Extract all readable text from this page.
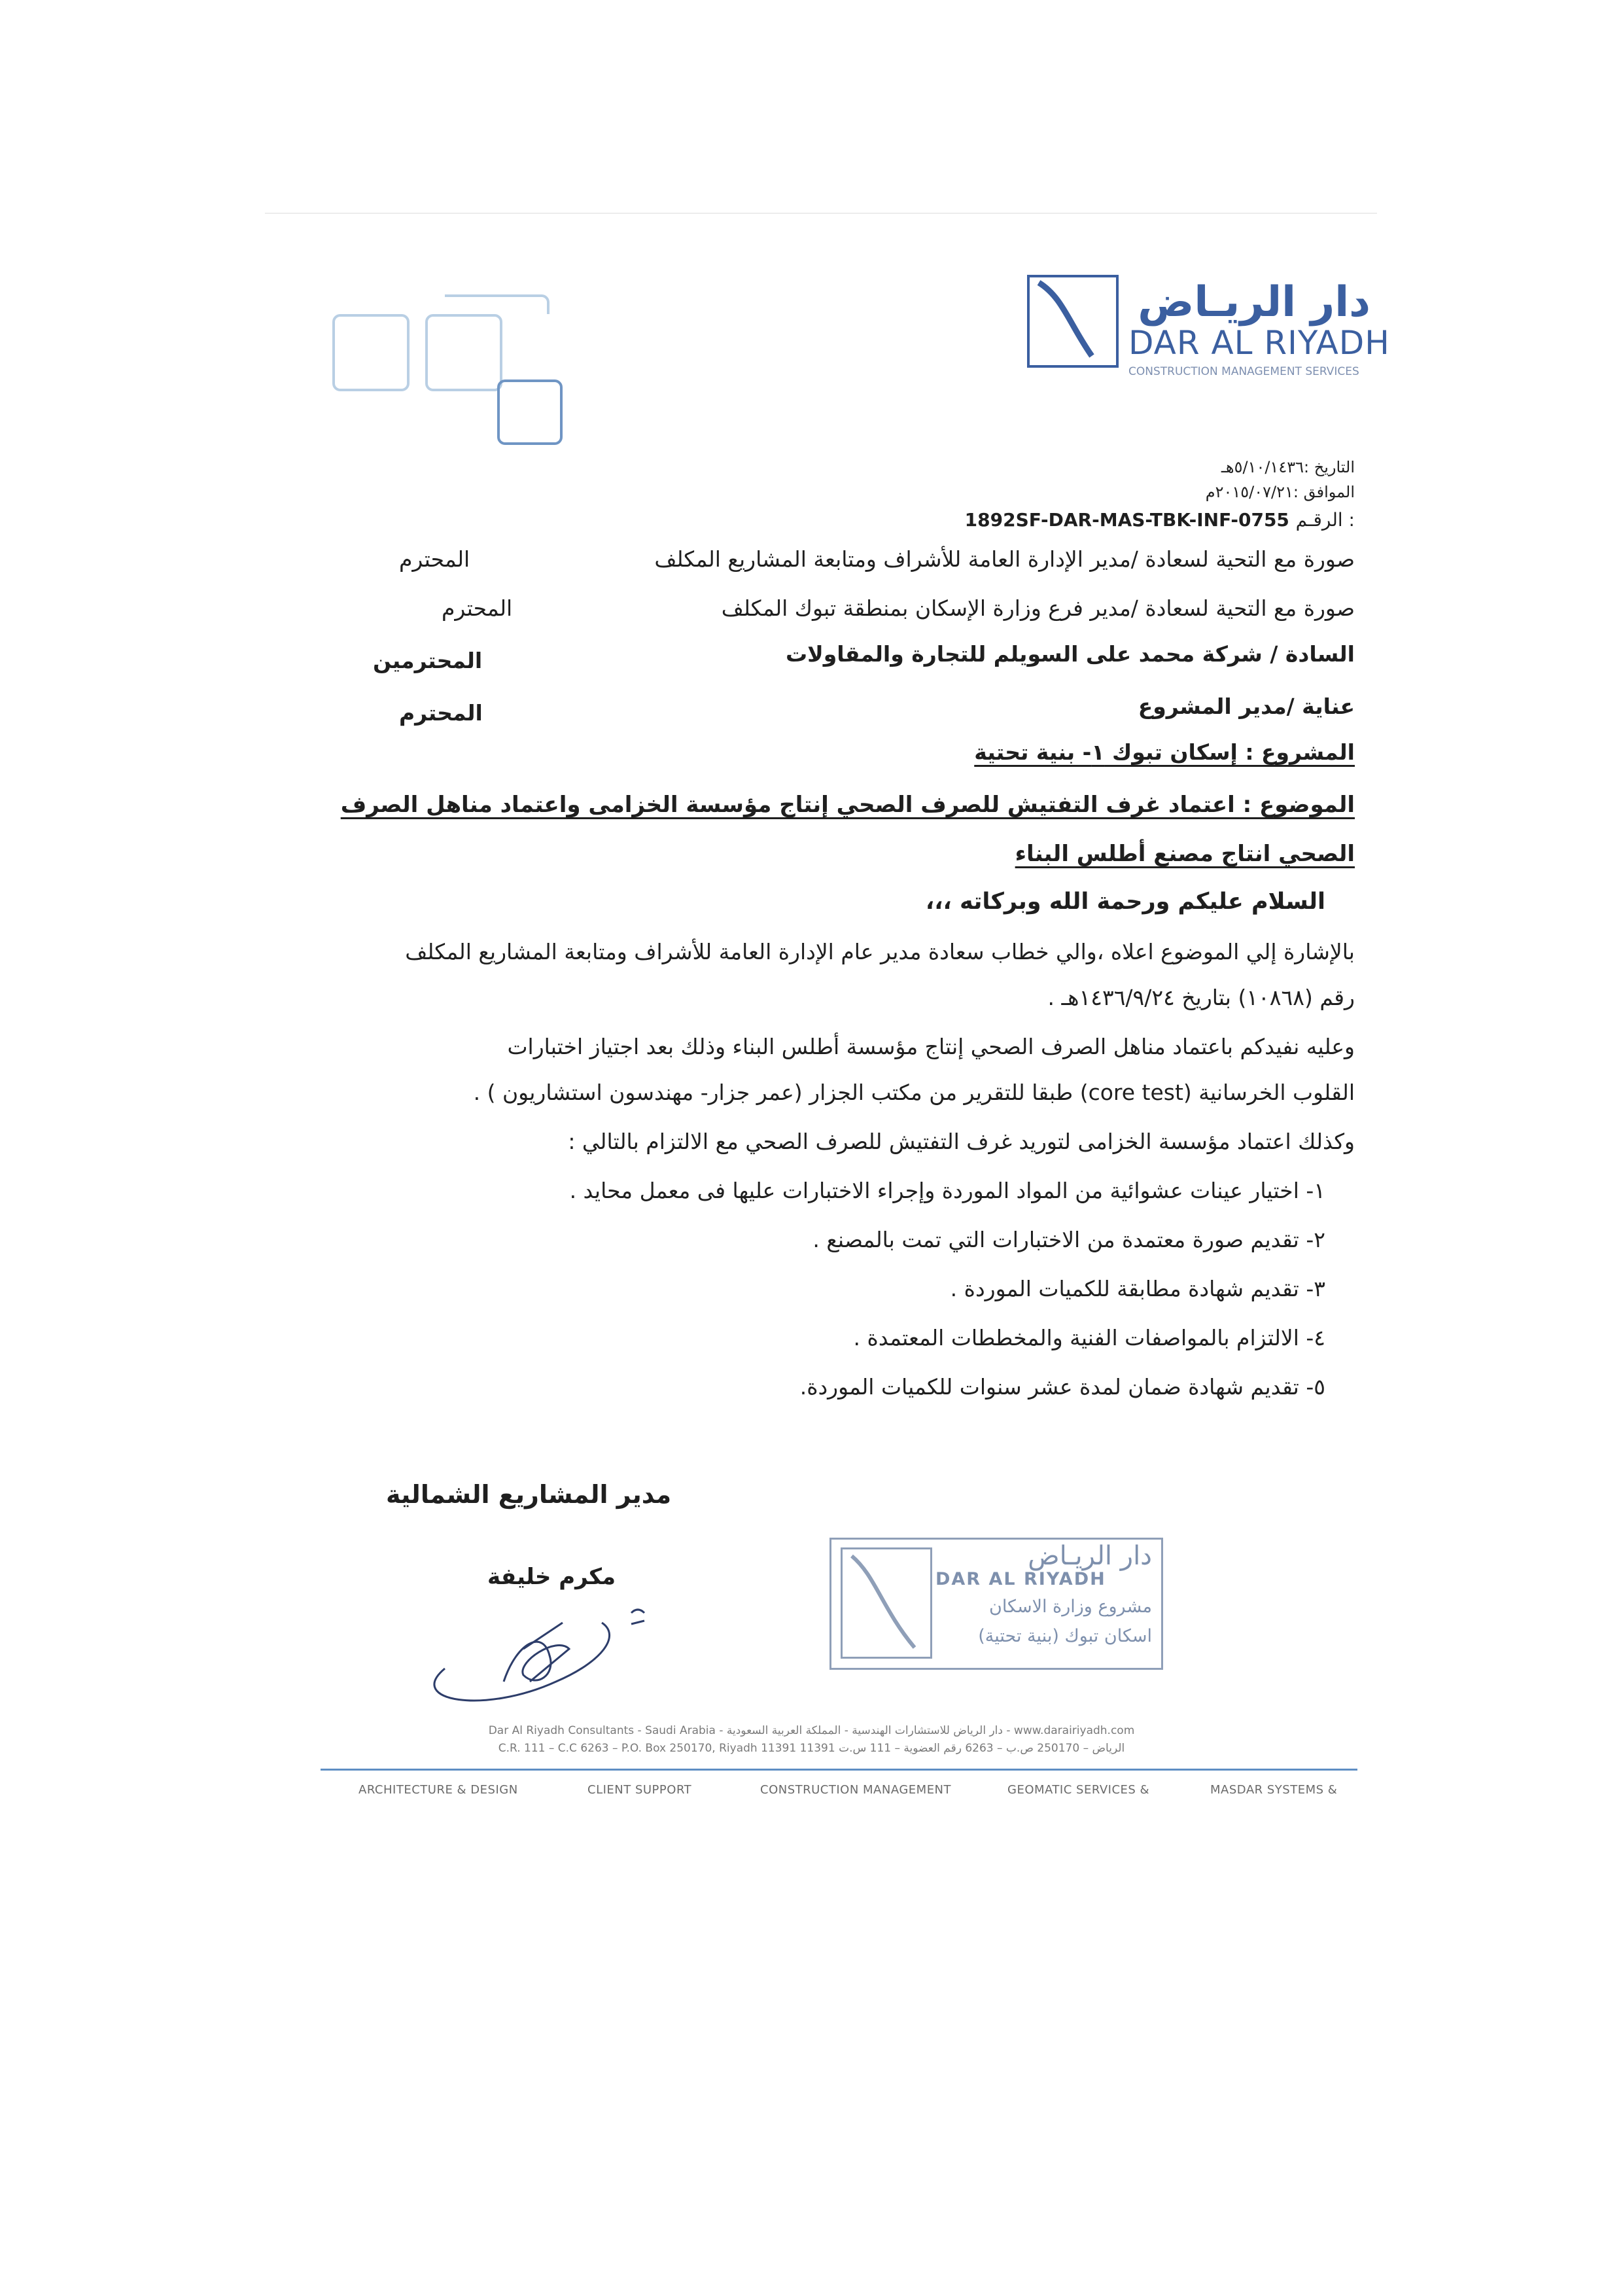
دار الريـاض
DAR AL RIYADH
CONSTRUCTION MANAGEMENT SERVICES
التاريخ :٥/١٠/١٤٣٦هـ
الموافق :٢٠١٥/٠٧/٢١م
1892SF-DAR-MAS-TBK-INF-0755 الرقـم :
صورة مع التحية لسعادة /مدير الإدارة العامة للأشراف ومتابعة المشاريع المكلف
المحترم
صورة مع التحية لسعادة /مدير فرع وزارة الإسكان بمنطقة تبوك المكلف
المحترم
السادة / شركة محمد على السويلم للتجارة والمقاولات
المحترمين
عناية /مدير المشروع
المحترم
المشروع : إسكان تبوك ١- بنية تحتية
الموضوع : اعتماد غرف التفتيش للصرف الصحي إنتاج مؤسسة الخزامى واعتماد مناهل الصرف
الصحي انتاج مصنع أطلس البناء
السلام عليكم ورحمة الله وبركاته ،،،
بالإشارة إلي الموضوع اعلاه ،والي خطاب سعادة مدير عام الإدارة العامة للأشراف ومتابعة المشاريع المكلف
رقم (١٠٨٦٨) بتاريخ ١٤٣٦/٩/٢٤هـ .
وعليه نفيدكم باعتماد مناهل الصرف الصحي إنتاج مؤسسة أطلس البناء وذلك بعد اجتياز اختبارات
القلوب الخرسانية (core test) طبقا للتقرير من مكتب الجزار (عمر جزار- مهندسون استشاريون ) .
وكذلك اعتماد مؤسسة الخزامى لتوريد غرف التفتيش للصرف الصحي مع الالتزام بالتالي :
١- اختيار عينات عشوائية من المواد الموردة وإجراء الاختبارات عليها فى معمل محايد .
٢- تقديم صورة معتمدة من الاختبارات التي تمت بالمصنع .
٣- تقديم شهادة مطابقة للكميات الموردة .
٤- الالتزام بالمواصفات الفنية والمخططات المعتمدة .
٥- تقديم شهادة ضمان لمدة عشر سنوات للكميات الموردة.
مدير المشاريع الشمالية
مكرم خليفة
دار الريـاض
DAR AL RIYADH
مشروع وزارة الاسكان
اسكان تبوك (بنية تحتية)
Dar Al Riyadh Consultants - Saudi Arabia - دار الرياض للاستشارات الهندسية - المملكة العربية السعودية - www.darairiyadh.com
C.R. 111 – C.C 6263 – P.O. Box 250170, Riyadh 11391 11391 الرياض – 250170 ص.ب – 6263 رقم العضوية – 111 س.ت
ARCHITECTURE & DESIGN	CLIENT SUPPORT	CONSTRUCTION MANAGEMENT	GEOMATIC SERVICES &	MASDAR SYSTEMS &
